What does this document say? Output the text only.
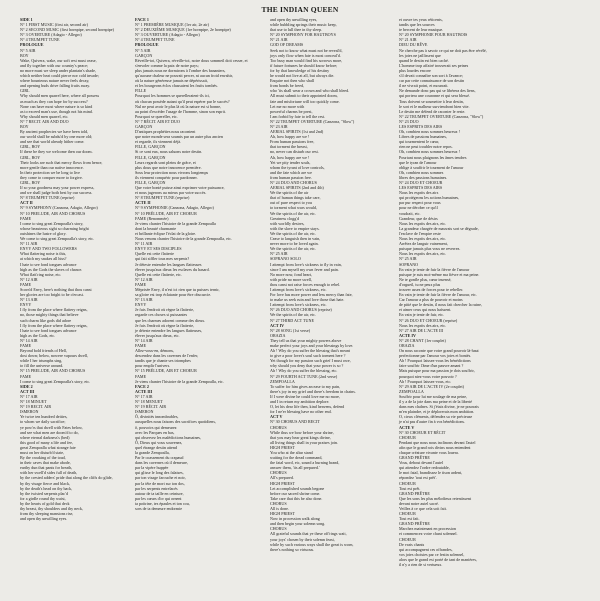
THE INDIAN QUEEN
SIDE 1
N° 1 FIRST MUSIC (first air, second air)
N° 2 SECOND MUSIC (first hornpipe, second hornpipe)
N° 3 OVERTURE (Adagio - Allegro)
N° 4 TRUMPET TUNE
PROLOGUE
N° 5 AIR
BOY
Wake, Quivera, wake, our soft rest must cease,
and fly together with our country's peace;
no more must we sleep under plantain's shade,
which neither heat could pierce nor cold invade;
where bounteous nature never feels decay,
and opening buds drive falling fruits away.
GIRL
Why should men quarrel here, where all possess
as much as they can hope for by success?
None can have most where nature is so kind
as to exceed man's use, though not his mind.
Why should men quarrel, etc.
N° 7 RECIT. AIR AND DUO
BOY
By ancient prophecies we have been told,
our world shall be subdu'd by one more old;
and see that world already hither come.
GIRL, BOY
If these be they we welcome then our doom.
GIRL, BOY
Their looks are such that mercy flows from hence,
more gentle than our native innocence.
In their protection we be long to live
they come to conquer more to forgive.
GIRL, BOY
If so your goodness may your power express,
and we shall judge both best by our success.
N° 8 TRUMPET TUNE (reprise)
ACT II
N° 9 SYMPHONY (Canzona, Adagio, Allegro)
N° 10 PRELUDE, AIR AND CHORUS
FAME
I come to sing great Zempoalla's story,
whose beauteous sight so charming bright
outshines the lustre of glory.
We come to sing great Zempoalla's story, etc.
N° 11 AIR
ENVY AND TWO FOLLOWERS
What flattering noise is this,
at which my snakes all hiss?
I hate to see fond tongues advance
high as the Gods the slaves of chance.
What flatt'ring noise, etc.
N° 12 AIR
FAME
Scorn'd Envy, here's nothing that thou canst
her glories are too bright to be o'ercast.
N° 13 AIR
ENVY
I fly from the place where flattery reigns,
no, those mighty things that believe
such charm like gods did adore
I fly from the place where flattery reigns,
I hate to see fond tongues advance
high as the Gods, etc.
N° 14 AIR
FAME
Beyond bold friends of Hell,
dost down; below, nowere vapours dwell,
while I her triumphs sing,
to fill the universe around.
N° 15 PRELUDE, AIR AND CHORUS
FAME
I come to sing great Zempoalla's story, etc.
SIDE 2
ACT III
N° 17 AIR
N° 18 MINUET
N° 19 RECIT. AIR
ISMERON
Ye twice ten hundred deities,
to whom we daily sacrifice;
ye pow'rs that dwell with Fates below,
and see what men are doom'd to do,
where eternal darkness's (bed)
this good of many a life and fee,
great Zempoalla what strange fate
must on her disturb'd state,
By the croaking of the toad,
in their caves that make abode,
earthy dun that pants for breath,
with her swell'd sides full of death,
by the crested adders' pride that along the cliffs do glide,
by thy visage fierce and black,
by the death's head on thy back,
by the twisted serpents plac'd
for a girdle round thy waist,
by the hearts of gold that deck
thy breast, thy shoulders and thy neck,
from thy sleeping mansions rise,
and open thy unwilling eyes.
FACE 1
N° 1 PREMIÈRE MUSIQUE (1er air, 2e air)
N° 2 DEUXIÈME MUSIQUE (1re hornpipe, 2e hornpipe)
N° 3 OUVERTURE (Adagio - Allegro)
N° 4 TRUMPET TUNE
PROLOGUE
N° 5 AIR
GARÇON
Réveille-toi, Quivera, réveille-toi, notre doux sommeil doit cesser, et
s'envoler comme la paix de notre pays;
plus jamais nous ne dormirons à l'ombre des bananiers,
qu'aucune chaleur ne pouvait percer, ni aucun froid envahir,
où la nature généreuse jamais ne dépérissait,
et les bourgeons éclos chassaient les fruits tombés.
FILLE
Pourquoi les hommes se querelleraient-ils ici,
où chacun possède autant qu'il peut espérer par le succès?
Nul ne peut avoir le plus là où la nature est si bonne,
au point d'excéder l'usage de l'homme, sinon son esprit.
Pourquoi se quereller, etc.
N° 7 RÉCIT. AIR ET DUO
GARÇON
D'antiques prophéties nous racontent
que notre monde sera soumis par un autre plus ancien
et regarde, ils viennent déjà.
FILLE, GARÇON
Si ce sont eux, nous saluons notre destin.
FILLE, GARÇON
Leurs regards sont pleins de grâce, et
plus doux que notre innocence première.
Sous leur protection nous vivrons longtemps
ils viennent conquérir pour pardonner.
FILLE, GARÇON
Que votre bonté puisse ainsi exprimer votre puissance,
et nous jugerons au mieux par votre succès.
N° 8 TRUMPET TUNE (reprise)
ACTE II
N° 9 SYMPHONIE (Canzona, Adagio, Allegro)
N° 10 PRÉLUDE, AIR ET CHOEUR
FAME (Renommée)
Je viens chanter l'histoire de la grande Zempoalla
dont la beauté charmante
et brillante éclipse l'éclat de la gloire.
Nous venons chanter l'histoire de la grande Zempoalla, etc.
N° 11 AIR
ENVY ET SES DISCIPLES
Quelle est cette flatterie
qui fait siffler tous mes serpents?
Je déteste entendre les langues flatteuses
élever jusqu'aux dieux les esclaves du hasard.
Quelle est cette flatterie, etc.
N° 12 AIR
FAME
Méprisée Envy, il n'est ici rien que tu puisses ternir,
sa gloire est trop éclatante pour être obscurcie.
N° 13 AIR
ENVY
Je fuis l'endroit où règne la flatterie,
regarde ces choses si puissantes
que les charmes adorent comme des dieux.
Je fuis l'endroit où règne la flatterie,
je déteste entendre les langues flatteuses,
élever jusqu'aux dieux, etc.
N° 14 AIR
FAME
Allez-vous-en, démons,
descendez dans les cavernes de l'enfer,
tandis que je chante ses triomphes
pour emplir l'univers.
N° 15 PRÉLUDE, AIR ET CHOEUR
FAME
Je viens chanter l'histoire de la grande Zempoalla, etc.
FACE 2
ACTE III
N° 17 AIR
N° 18 MENUET
N° 19 RÉCIT. AIR
ISMERON
Ô, divinités innombrables,
auxquelles nous faisons des sacrifices quotidiens,
ô, pouvoirs qui demeurez
avec les Parques en bas,
qui observez les malédictions humaines,
Ô, Dieux qui vous souvenez,
quel étrange destin attend
la grande Zempoalla,
Par le coassement du crapaud
dans les cavernes où il demeure,
par la vipère huppée
qui glisse le long des falaises,
par ton visage farouche et noir,
par la tête de mort sur ton dos,
par les serpents entrelacés
autour de ta taille en ceinture,
par les cœurs d'or qui ornent
ta poitrine, tes épaules et ton cou,
sors de ta demeure endormie
and open thy unwilling eyes,
while bubbling springs their music keep,
that use to lull thee in thy sleep.
N° 20 SYMPHONY FOR HAUTBOYS
N° 21 AIR
GOD OF DREAMS
Seek not to know what must not be reveal'd,
joys only flow when fate is most conceal'd.
Too busy man would find his sorrows more,
if future fortunes he should know before;
for by that knowledge of his destiny
he would not live at all, but always die.
Enquire not then who shall
from bonds be freed,
who 'tis shall wear a crown and who shall bleed.
All must submit to their appointed doom,
fate and misfortune will too quickly come.
Let me no more with
powerful charms be prest,
I am forbid by fate to tell the rest.
N° 22 TRUMPET OVERTURE (Canzona, "Slow")
N° 23 AIR
AERIAL SPIRITS (1st and 2nd)
Ah, how happy are we !
From human passions free,
that torment the breast,
no, never can disturb our rest.
Ah, how happy are we !
Yet we pity tender souls,
whom the tyrant of love controls,
and the fate which are we
from human passion free.
N° 24 DUO AND CHORUS
AERIAL SPIRITS (2nd and 4th)
We the spirits of the air
that of human things take care,
out of pure respect to you
to torment what wars would,
We the spirits of the air, etc.
Greatness clogg'd
with worldly desires,
with the slave to empire stays.
We the spirits of the air, etc.
Cease to languish then in vain,
never more to be loved again.
We the spirits of the air, etc.
N° 25 AIR
SOPRANO SOLO
I attempt from love's sickness to fly in vain,
since I am myself my own fever and pain.
No more now, fond heart,
with pride no more swell,
thou canst not raise forces enough to rebel.
I attempt from love's sickness, etc.
For love has more power and less mercy than fate,
to make us seek ruin and love those that hate.
I attempt from love's sickness, etc.
N° 26 DUO AND CHORUS (reprise)
We the spirits of the air, etc.
N° 27 THIRD ACT TUNE
ACT IV
N° 28 SONG (1st verse)
ORAZIA
They tell us that your mighty powers above
make perfect your joys and your blessings by love.
Ah ! Why do you suffer the blessing that's meant
to give a poor lover's soul such torment here ?
Yet though for my passion such grief I must owe,
why should you deny that your power is so ?
Ah ! Why do you suffer the blessing, etc.
N° 29 FOURTH ACT TUNE (2nd verse)
ZEMPOALLA
To suffer for him gives an ease to my pain,
there's joy in my grief and there's freedom in chains.
If I were divine he could love me no more,
and I in return my ambition deplore.
O, let his dear life then, kind heavens, defend
for I ne'er blessing have no other end.
ACT V
N° 30 CHORUS AND RECIT
CHORUS
While thus we bow before your shrine,
that you may hear great kings divine,
all living things shall in your praises join.
HIGH PRIEST
You who at the altar stand
waiting for the dread command,
the fatal word, etc, sound a burning brand,
answer them, 'tis all prepared.'
CHORUS
All's prepared.
HIGH PRIEST
Let accomplished sounds begone
before our sacred shrine come.
Take care that this be also done.
CHORUS
All is done.
HIGH PRIEST
Now in procession walk along
and then begin your solemn song.
CHORUS
All grateful sounds that ye these off'rings wait,
your joys' chosen by their solemn feast,
while by such various ways shall the great is worn,
there's nothing so virtuous.
et ouvre tes yeux réticents,
tandis que les sources
te bercent de leur musique.
N° 20 SYMPHONIE POUR HAUTBOIS
N° 21 AIR
DIEU DU RÊVE
Ne cherche pas à savoir ce qui ne doit pas être révélé,
les joies ne jaillissent que
quand le destin est bien caché.
L'homme trop affairé trouverait ses peines
plus lourdes encore
s'il devait connaître son sort à l'avance;
car par cette connaissance de son destin
il ne vivrait point, et mourrait.
Ne demande donc pas qui se libérera des liens,
qui portera une couronne et qui sera blessé.
Tous doivent se soumettre à leur destin,
le sort et le malheur surviendront bien vite.
Le destin me défend de raconter le reste.
N° 22 TRUMPET OVERTURE (Canzona, "Slow")
N° 23 DUO
LES ESPRITS DES AIRS
Oh, combien nous sommes heureux !
Libres de passions humaines,
qui tourmentent le cœur,
rien ne peut troubler notre repos.
Oh, combien nous sommes heureux !
Pourtant nous plaignons les âmes tendres
que le tyran de l'amour
oblige à souffrir le tourment de l'amour
Oh, combien nous sommes
libres des passions humaines.
N° 24 DUO ET CHOEUR
LES ESPRITS DES AIRS
Nous les esprits des airs
qui protégeons les actions humaines,
par pur respect pour vous
pour ne dérober ce qu'il
voudrait, etc.
Grandeur, que de désirs
Nous les esprits des airs, etc.
La grandeur chargée de mauvais sort se dégrade,
l'esclave de l'empire reste
Nous les esprits des airs, etc.
Arrêtez de languir vainement,
puisque jamais plus vous ne reverrez.
Nous les esprits des airs, etc.
N° 25 AIR
SOPRANO
En vain je tente de fuir la fièvre de l'amour
puisque je suis moi-même ma fièvre et ma peine.
Ne te gonfle plus, cœur insensé,
d'orgueil, tu ne peux plus
trouver assez de forces pour te rebeller.
En vain je tente de fuir la fièvre de l'amour, etc.
Car l'amour a plus de pouvoir et moins
de pitié que le destin, il nous fait chercher la ruine,
et aimer ceux qui nous haïssent.
En vain je tente de fuir, etc.
N° 26 DUO ET CHOEUR (reprise)
Nous les esprits des airs, etc.
N° 27 AIR DE L'ACTE III
ACTE IV
N° 28 CHANT (1er couplet)
ORAZIA
On nous raconte que votre grand pouvoir là-haut
perfectionne par l'amour vos joies et bontés.
Ah ! Pourquoi laissez-vous les bénédictions
faire souffrir l'âme d'un pauvre amant ?
Mais puisque pour ma passion je dois souffrir,
pourquoi niez-vous votre pouvoir ?
Ah ! Pourquoi laissez-vous, etc.
N° 29 AIR DE L'ACTE IV (2e couplet)
ZEMPOALLA
Souffrir pour lui me soulage de ma peine,
il y a de la joie dans ma peine et de la liberté
dans mes chaînes. Si j'étais divine, je ne pourrais
m'en plaindre, et je déplorerais mon ambition.
O, cieux cléments, défendez sa vie précieuse
je n'ai pas d'autre fin à vos bénédictions.
ACTE V
N° 30 CHOEUR ET RÉCIT
CHOEUR
Pendant que nous nous inclinons devant l'autel
afin que le grand rois divins nous entendent
chaque créature vivante vous louera.
GRAND PRÊTRE
Vous, debout devant l'autel
qui attendez l'ordre redoutable,
le mot fatal, brandissez le tison ardent,
répondez 'tout est prêt'.
CHOEUR
Tout est prêt.
GRAND PRÊTRE
Que les sons les plus mélodieux retentissent
devant notre autel sacré.
Veillez à ce que cela soit fait.
CHOEUR
Tout est fait.
GRAND PRÊTRE
Marchez maintenant en procession
et commencez votre chant solennel.
CHOEUR
De vrais chants
qui accompagnent ces offrandes,
vos joies choisies par ce festin solennel,
alors que le grand est porté de tant de manières,
il n'y a rien de si vertueux.
